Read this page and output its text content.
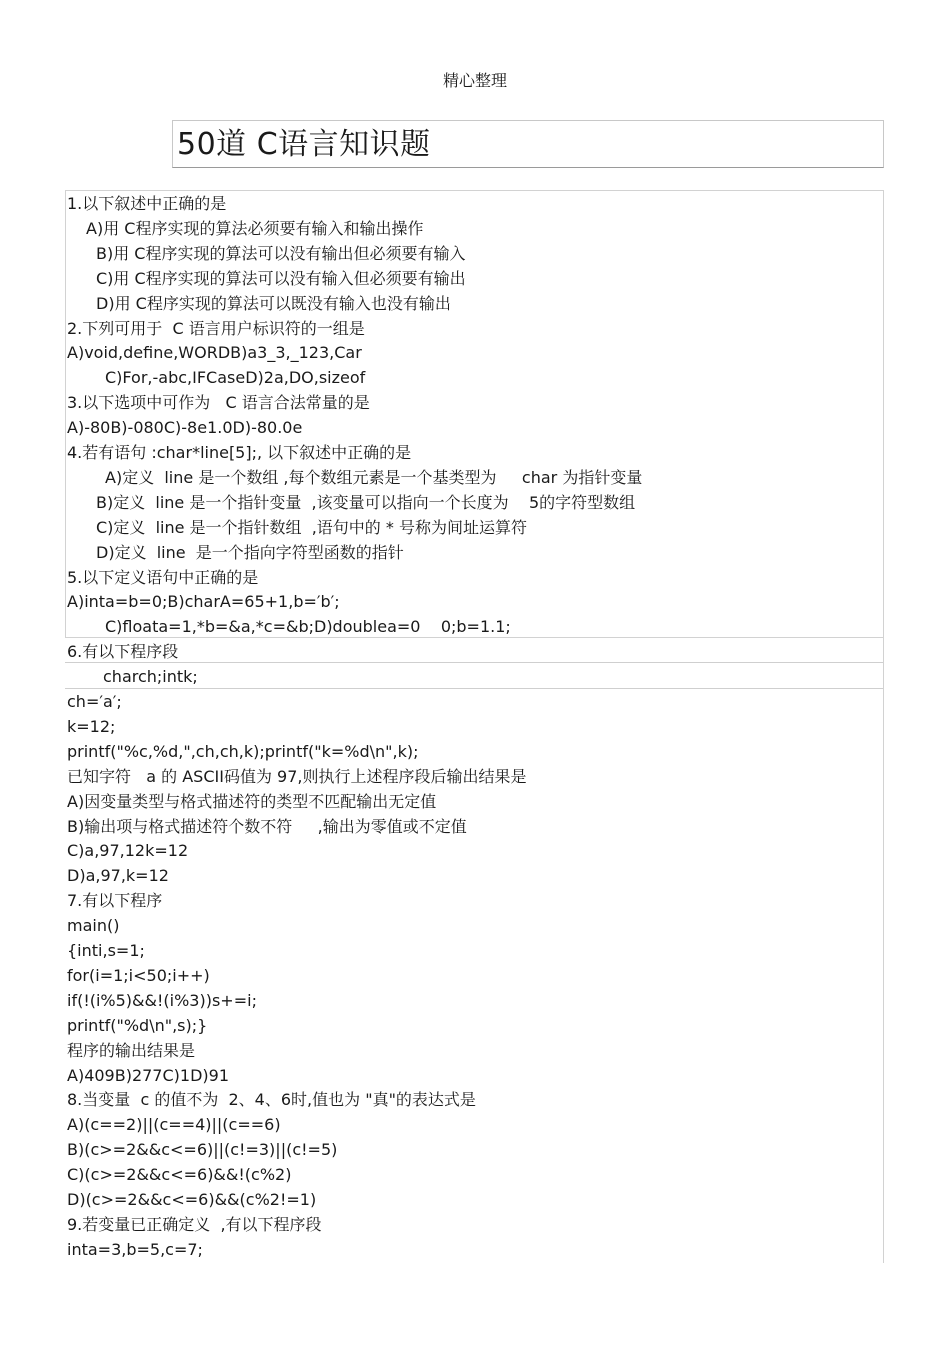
精心整理
50道 C语言知识题
1.以下叙述中正确的是
A)用 C程序实现的算法必须要有输入和输出操作
B)用 C程序实现的算法可以没有输出但必须要有输入
C)用 C程序实现的算法可以没有输入但必须要有输出
D)用 C程序实现的算法可以既没有输入也没有输出
2.下列可用于  C 语言用户标识符的一组是
A)void,define,WORDB)a3_3,_123,Car
C)For,-abc,IFCaseD)2a,DO,sizeof
3.以下选项中可作为   C 语言合法常量的是
A)-80B)-080C)-8e1.0D)-80.0e
4.若有语句 :char*line[5];, 以下叙述中正确的是
A)定义  line 是一个数组 ,每个数组元素是一个基类型为     char 为指针变量
B)定义  line 是一个指针变量  ,该变量可以指向一个长度为    5的字符型数组
C)定义  line 是一个指针数组  ,语句中的 * 号称为间址运算符
D)定义  line  是一个指向字符型函数的指针
5.以下定义语句中正确的是
A)inta=b=0;B)charA=65+1,b=′b′;
C)floata=1,*b=&a,*c=&b;D)doublea=0    0;b=1.1;
6.有以下程序段
charch;intk;
ch=′a′;
k=12;
printf("%c,%d,",ch,ch,k);printf("k=%d\n",k);
已知字符   a 的 ASCII码值为 97,则执行上述程序段后输出结果是
A)因变量类型与格式描述符的类型不匹配输出无定值
B)输出项与格式描述符个数不符     ,输出为零值或不定值
C)a,97,12k=12
D)a,97,k=12
7.有以下程序
main()
{inti,s=1;
for(i=1;i<50;i++)
if(!(i%5)&&!(i%3))s+=i;
printf("%d\n",s);}
程序的输出结果是
A)409B)277C)1D)91
8.当变量  c 的值不为  2、4、6时,值也为 "真"的表达式是
A)(c==2)||(c==4)||(c==6)
B)(c>=2&&c<=6)||(c!=3)||(c!=5)
C)(c>=2&&c<=6)&&!(c%2)
D)(c>=2&&c<=6)&&(c%2!=1)
9.若变量已正确定义  ,有以下程序段
inta=3,b=5,c=7;
